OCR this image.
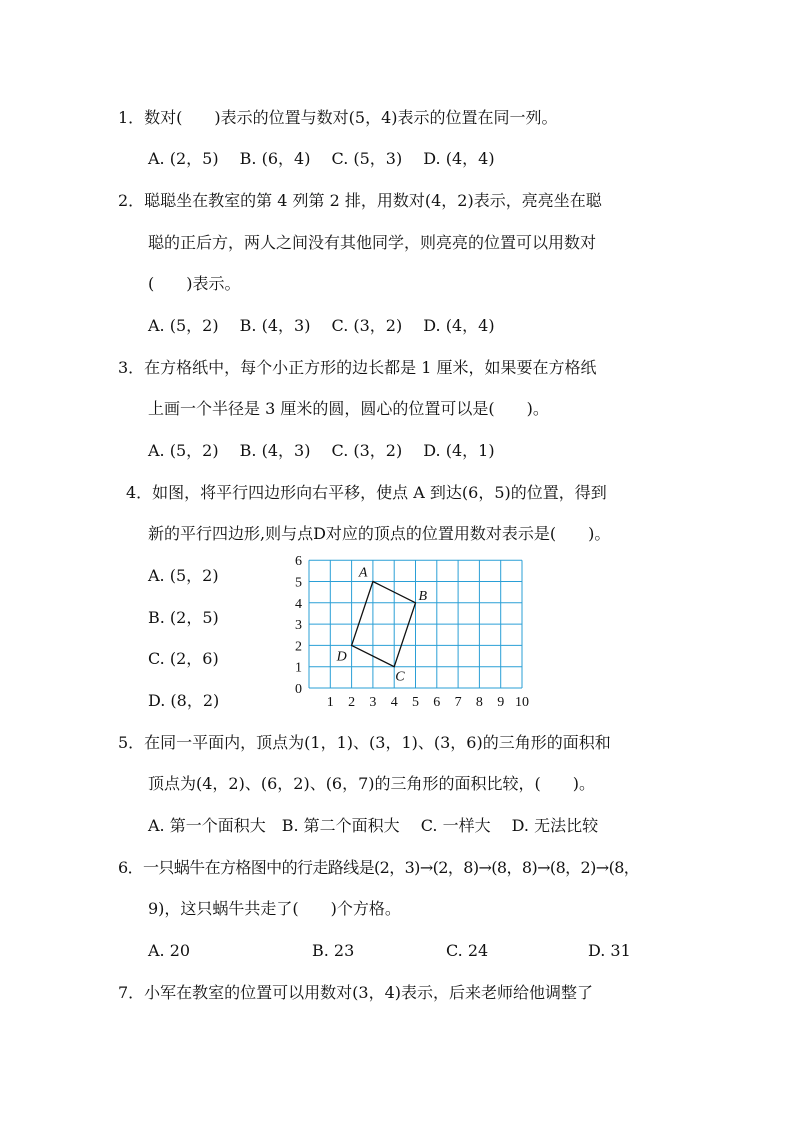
1．数对(　　)表示的位置与数对(5，4)表示的位置在同一列。
A. (2，5)　 B. (6，4)　 C. (5，3)　 D. (4，4)
2．聪聪坐在教室的第 4 列第 2 排，用数对(4，2)表示，亮亮坐在聪
聪的正后方，两人之间没有其他同学，则亮亮的位置可以用数对
(　　)表示。
A. (5，2)　 B. (4，3)　 C. (3，2)　 D. (4，4)
3．在方格纸中，每个小正方形的边长都是 1 厘米，如果要在方格纸
上画一个半径是 3 厘米的圆，圆心的位置可以是(　　)。
A. (5，2)　 B. (4，3)　 C. (3，2)　 D. (4，1)
4．如图，将平行四边形向右平移，使点 A 到达(6，5)的位置，得到
新的平行四边形,则与点D对应的顶点的位置用数对表示是(　　)。
A. (5，2)
B. (2，5)
C. (2，6)
D. (8，2)	1 2 3 4 5 6 7 8 9 10
0
1
2
3
4
5
6
A
B
C
D
5．在同一平面内，顶点为(1，1)、(3，1)、(3，6)的三角形的面积和
顶点为(4，2)、(6，2)、(6，7)的三角形的面积比较，(　　)。
A. 第一个面积大　B. 第二个面积大　 C. 一样大　 D. 无法比较
6．一只蜗牛在方格图中的行走路线是(2，3)→(2，8)→(8，8)→(8，2)→(8，
9)，这只蜗牛共走了(　　)个方格。
A. 20	B. 23	C. 24	D. 31
7．小军在教室的位置可以用数对(3，4)表示，后来老师给他调整了
